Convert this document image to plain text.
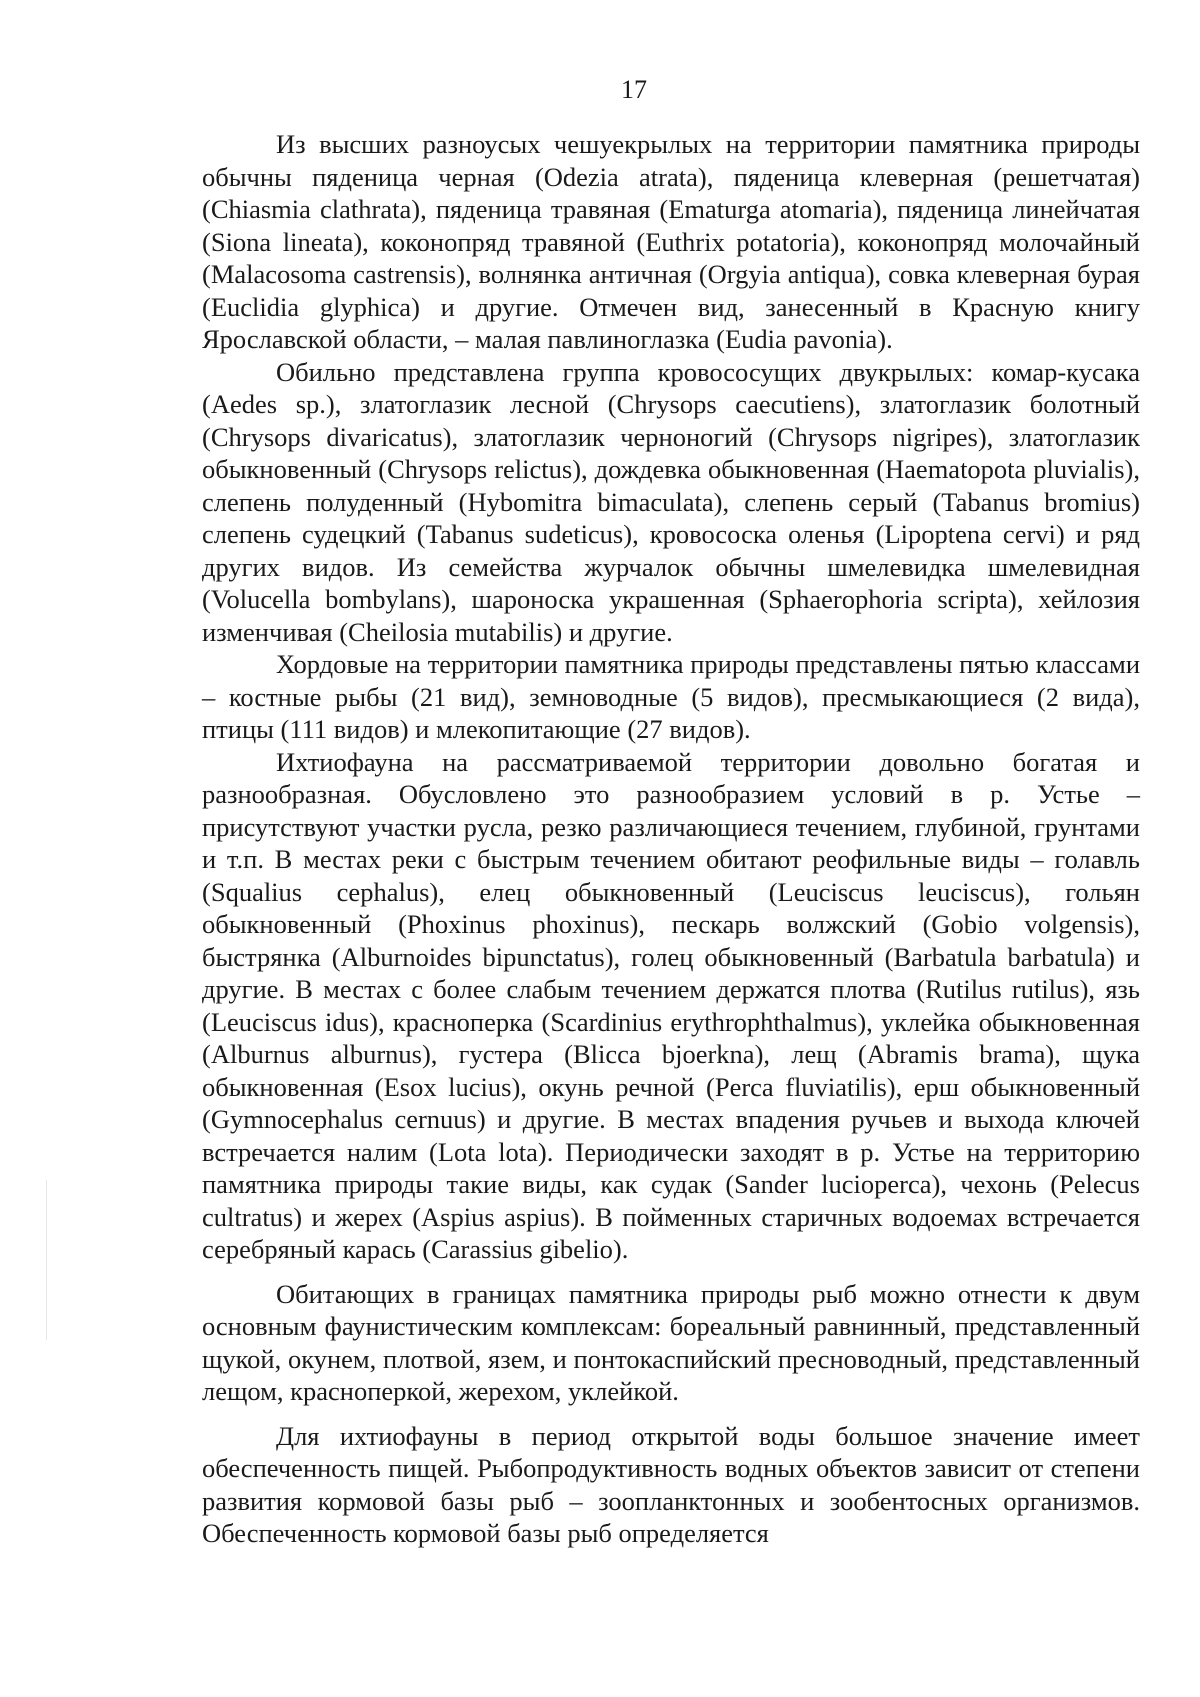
17

Из высших разноусых чешуекрылых на территории памятника природы обычны пяденица черная (Odezia atrata), пяденица клеверная (решетчатая) (Chiasmia clathrata), пяденица травяная (Ematurga atomaria), пяденица линейчатая (Siona lineata), коконопряд травяной (Euthrix potatoria), коконопряд молочайный (Malacosoma castrensis), волнянка античная (Orgyia antiqua), совка клеверная бурая (Euclidia glyphica) и другие. Отмечен вид, занесенный в Красную книгу Ярославской области, – малая павлиноглазка (Eudia pavonia).

Обильно представлена группа кровососущих двукрылых: комар-кусака (Aedes sp.), златоглазик лесной (Chrysops caecutiens), златоглазик болотный (Chrysops divaricatus), златоглазик черноногий (Chrysops nigripes), златоглазик обыкновенный (Chrysops relictus), дождевка обыкновенная (Haematopota pluvialis), слепень полуденный (Hybomitra bimaculata), слепень серый (Tabanus bromius) слепень судецкий (Tabanus sudeticus), кровососка оленья (Lipoptena cervi) и ряд других видов. Из семейства журчалок обычны шмелевидка шмелевидная (Volucella bombylans), шароноска украшенная (Sphaerophoria scripta), хейлозия изменчивая (Cheilosia mutabilis) и другие.

Хордовые на территории памятника природы представлены пятью классами – костные рыбы (21 вид), земноводные (5 видов), пресмыкающиеся (2 вида), птицы (111 видов) и млекопитающие (27 видов).

Ихтиофауна на рассматриваемой территории довольно богатая и разнообразная. Обусловлено это разнообразием условий в р. Устье – присутствуют участки русла, резко различающиеся течением, глубиной, грунтами и т.п. В местах реки с быстрым течением обитают реофильные виды – голавль (Squalius cephalus), елец обыкновенный (Leuciscus leuciscus), гольян обыкновенный (Phoxinus phoxinus), пескарь волжский (Gobio volgensis), быстрянка (Alburnoides bipunctatus), голец обыкновенный (Barbatula barbatula) и другие. В местах с более слабым течением держатся плотва (Rutilus rutilus), язь (Leuciscus idus), красноперка (Scardinius erythrophthalmus), уклейка обыкновенная (Alburnus alburnus), густера (Blicca bjoerkna), лещ (Abramis brama), щука обыкновенная (Esox lucius), окунь речной (Perca fluviatilis), ерш обыкновенный (Gymnocephalus cernuus) и другие. В местах впадения ручьев и выхода ключей встречается налим (Lota lota). Периодически заходят в р. Устье на территорию памятника природы такие виды, как судак (Sander lucioperca), чехонь (Pelecus cultratus) и жерех (Aspius aspius). В пойменных старичных водоемах встречается серебряный карась (Carassius gibelio).

Обитающих в границах памятника природы рыб можно отнести к двум основным фаунистическим комплексам: бореальный равнинный, представленный щукой, окунем, плотвой, язем, и понтокаспийский пресноводный, представленный лещом, красноперкой, жерехом, уклейкой.

Для ихтиофауны в период открытой воды большое значение имеет обеспеченность пищей. Рыбопродуктивность водных объектов зависит от степени развития кормовой базы рыб – зоопланктонных и зообентосных организмов. Обеспеченность кормовой базы рыб определяется
